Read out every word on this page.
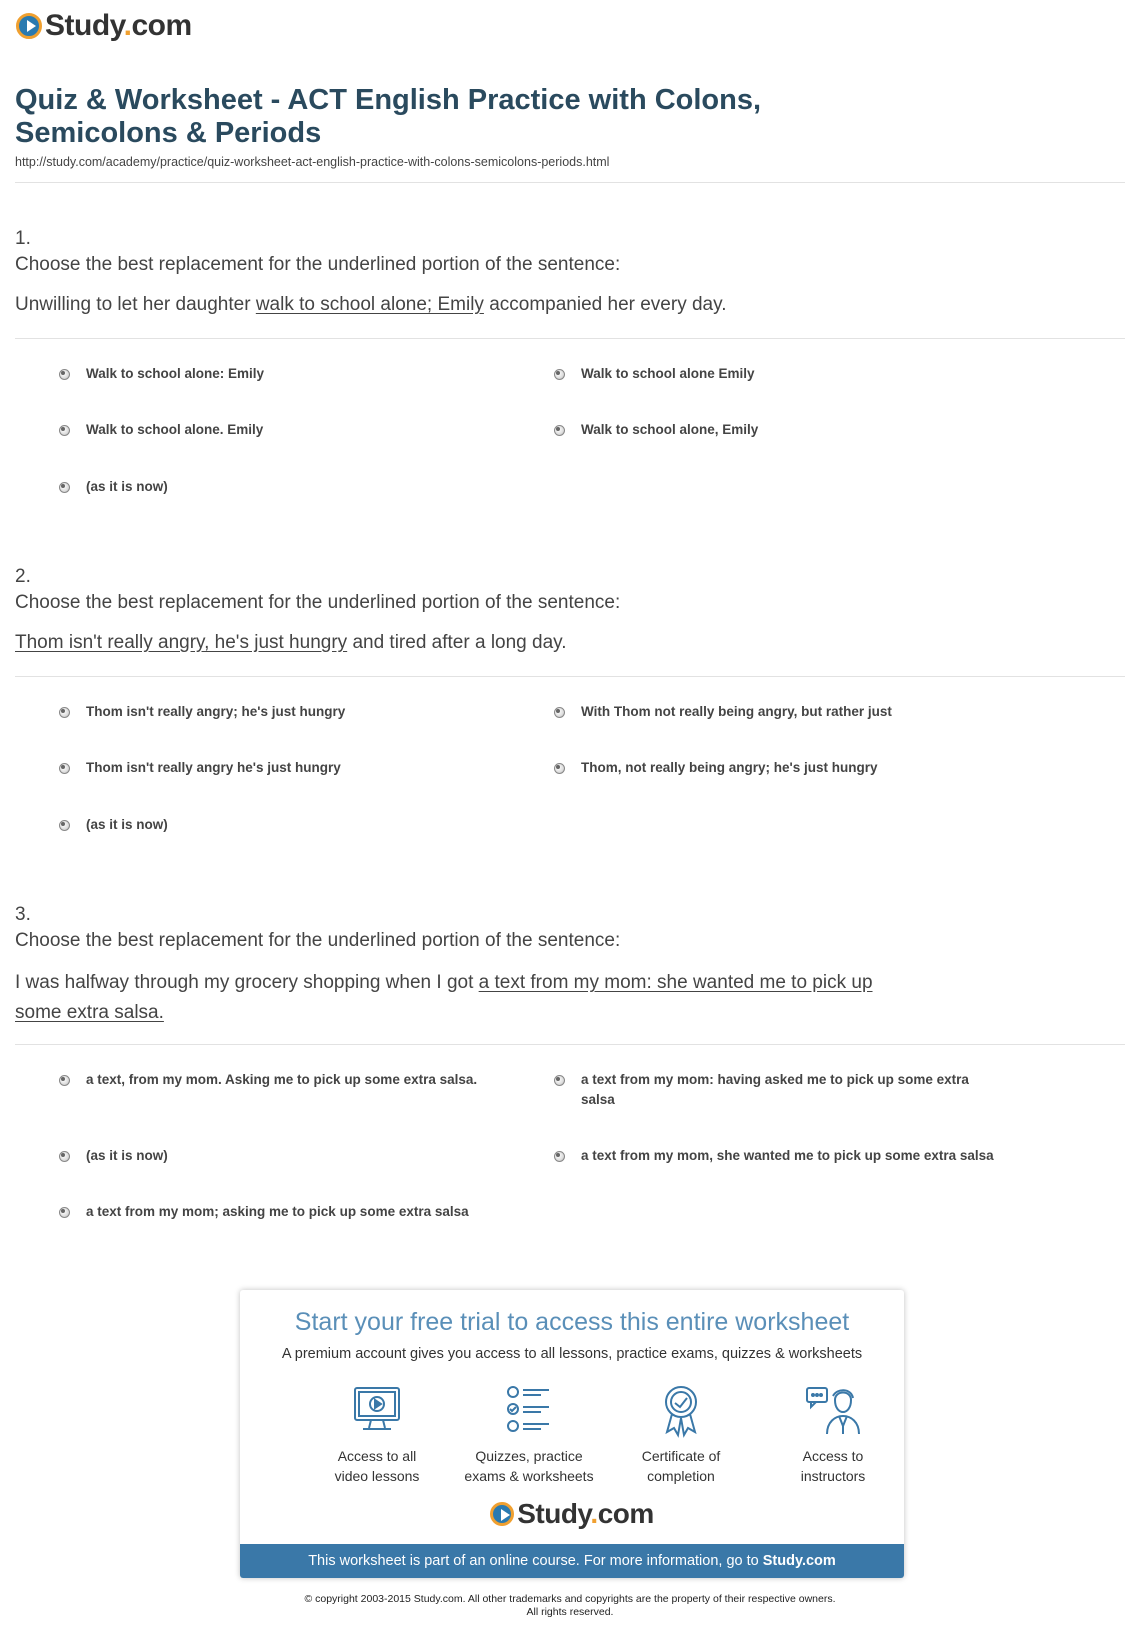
Study.com
Quiz & Worksheet - ACT English Practice with Colons,
Semicolons & Periods
http://study.com/academy/practice/quiz-worksheet-act-english-practice-with-colons-semicolons-periods.html
1.
Choose the best replacement for the underlined portion of the sentence:
Unwilling to let her daughter walk to school alone; Emily accompanied her every day.
Walk to school alone: Emily	Walk to school alone Emily
Walk to school alone. Emily	Walk to school alone, Emily
(as it is now)
2.
Choose the best replacement for the underlined portion of the sentence:
Thom isn't really angry, he's just hungry and tired after a long day.
Thom isn't really angry; he's just hungry	With Thom not really being angry, but rather just
Thom isn't really angry he's just hungry	Thom, not really being angry; he's just hungry
(as it is now)
3.
Choose the best replacement for the underlined portion of the sentence:
I was halfway through my grocery shopping when I got a text from my mom: she wanted me to pick up some extra salsa.
a text, from my mom. Asking me to pick up some extra salsa.	a text from my mom: having asked me to pick up some extra salsa
(as it is now)	a text from my mom, she wanted me to pick up some extra salsa
a text from my mom; asking me to pick up some extra salsa
Start your free trial to access this entire worksheet
A premium account gives you access to all lessons, practice exams, quizzes & worksheets
Access to all
video lessons
Quizzes, practice
exams & worksheets
Certificate of
completion
Access to
instructors
Study.com
This worksheet is part of an online course. For more information, go to Study.com
© copyright 2003-2015 Study.com. All other trademarks and copyrights are the property of their respective owners.
All rights reserved.
